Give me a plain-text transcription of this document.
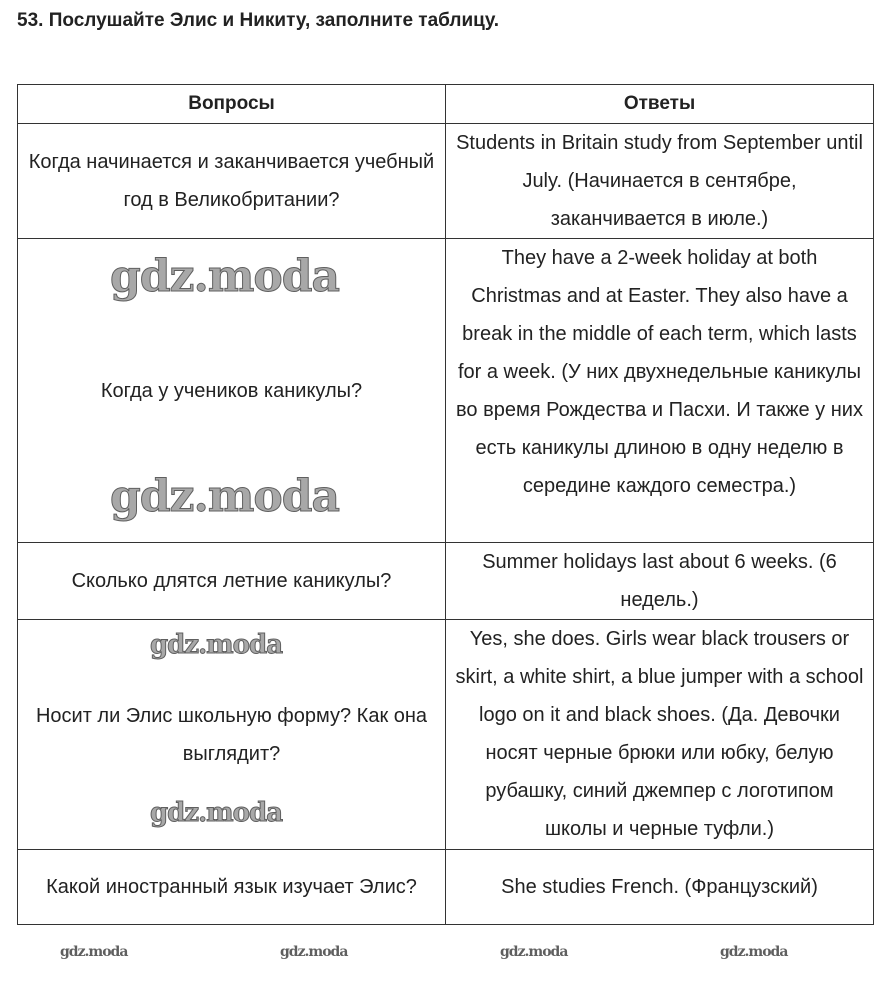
53. Послушайте Элис и Никиту, заполните таблицу.
Вопросы	Ответы
Когда начинается и заканчивается учебный год в Великобритании?	Students in Britain study from September until July. (Начинается в сентябре, заканчивается в июле.)
Когда у учеников каникулы?	They have a 2-week holiday at both Christmas and at Easter. They also have a break in the middle of each term, which lasts for a week. (У них двухнедельные каникулы во время Рождества и Пасхи. И также у них есть каникулы длиною в одну неделю в середине каждого семестра.)
Сколько длятся летние каникулы?	Summer holidays last about 6 weeks. (6 недель.)
Носит ли Элис школьную форму? Как она выглядит?	Yes, she does. Girls wear black trousers or skirt, a white shirt, a blue jumper with a school logo on it and black shoes. (Да. Девочки носят черные брюки или юбку, белую рубашку, синий джемпер с логотипом школы и черные туфли.)
Какой иностранный язык изучает Элис?	She studies French. (Французский)
gdz.moda
gdz.moda
gdz.moda
gdz.moda
gdz.moda	gdz.moda	gdz.moda	gdz.moda
